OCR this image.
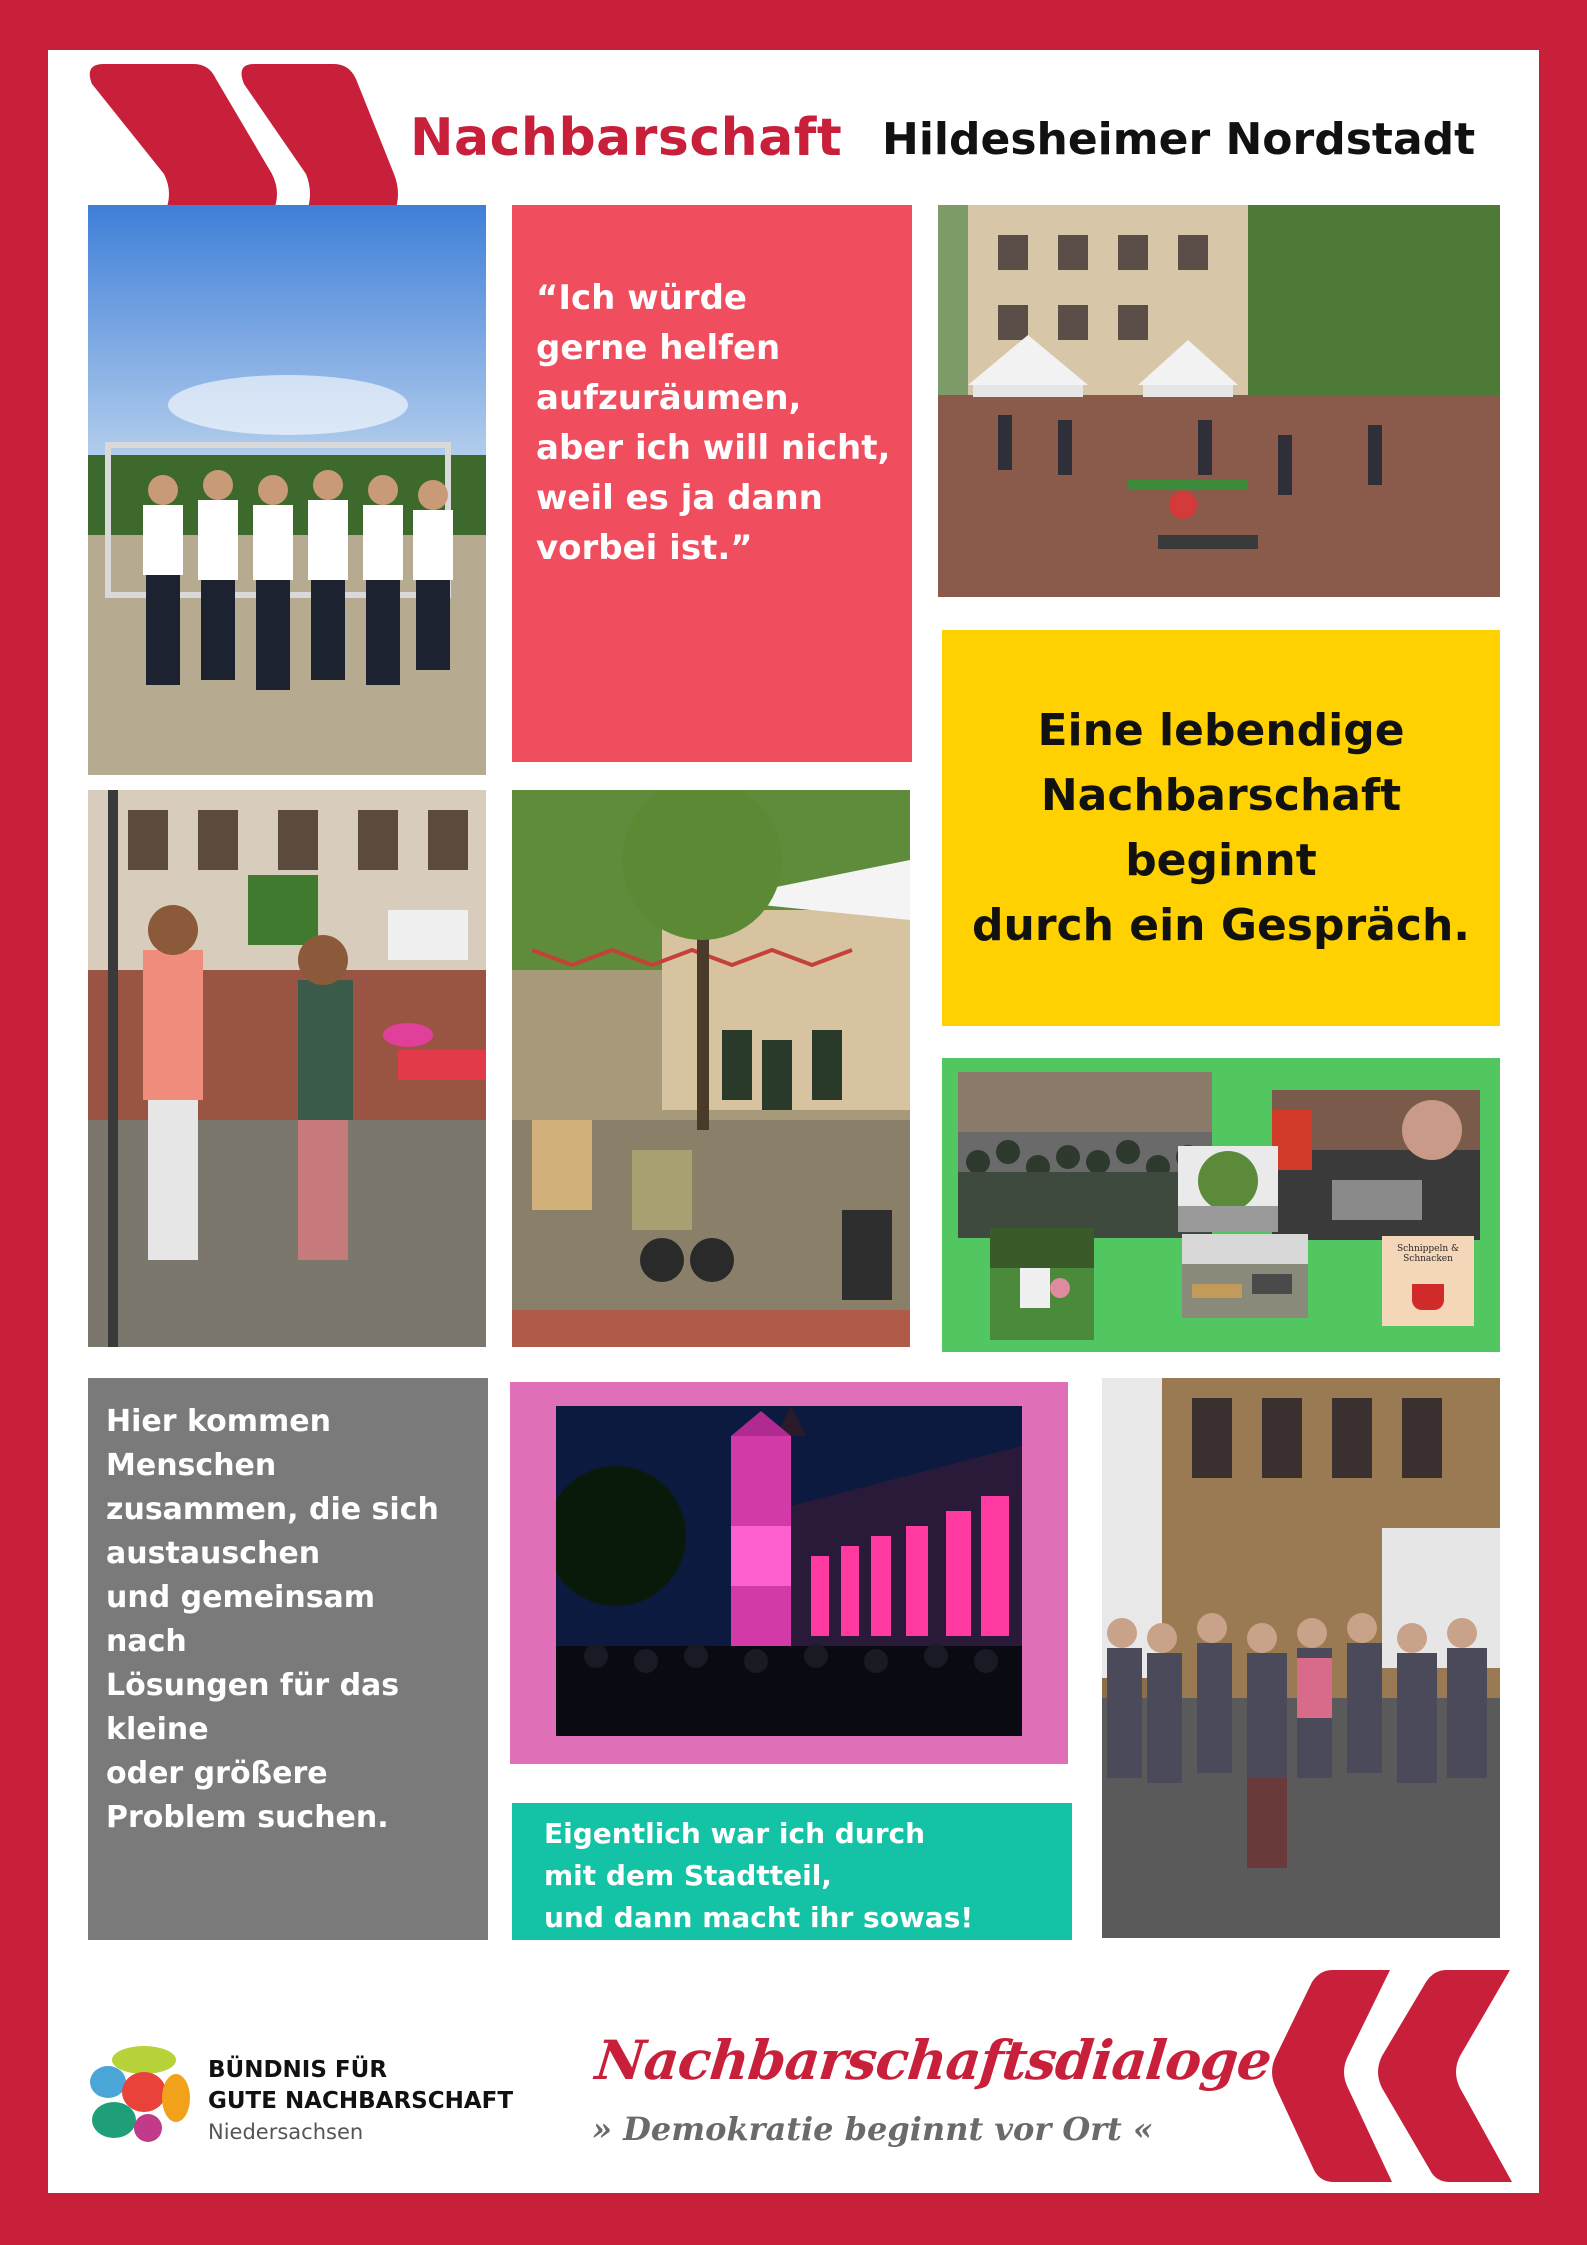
Nachbarschaft Hildesheimer Nordstadt
“Ich würde
gerne helfen
aufzuräumen,
aber ich will nicht,
weil es ja dann
vorbei ist.”
Eine lebendige
Nachbarschaft beginnt
durch ein Gespräch.
Schnippeln &
Schnacken
Hier kommen
Menschen
zusammen, die sich
austauschen
und gemeinsam
nach
Lösungen für das
kleine
oder größere
Problem suchen.	Eigentlich war ich durch
mit dem Stadtteil,
und dann macht ihr sowas!
BÜNDNIS FÜR
GUTE NACHBARSCHAFT
Niedersachsen
Nachbarschaftsdialoge
» Demokratie beginnt vor Ort «
